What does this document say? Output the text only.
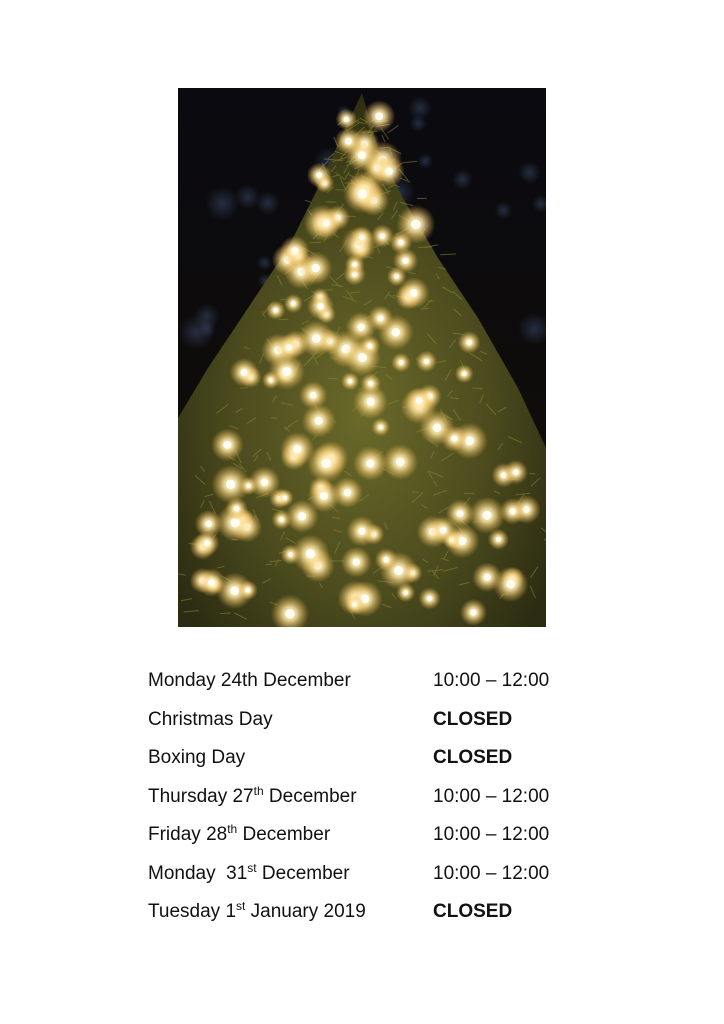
Monday 24th December	10:00 – 12:00
Christmas Day	CLOSED
Boxing Day	CLOSED
Thursday 27th December	10:00 – 12:00
Friday 28th December	10:00 – 12:00
Monday  31st December	10:00 – 12:00
Tuesday 1st January 2019	CLOSED
